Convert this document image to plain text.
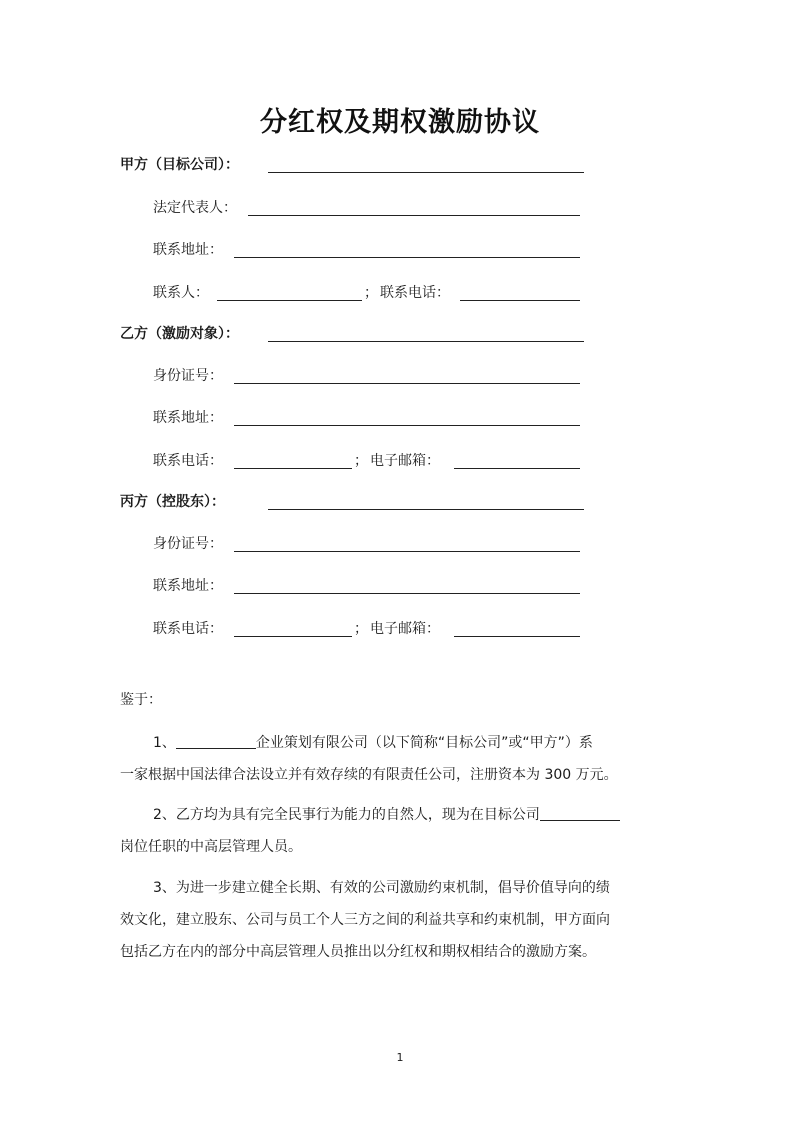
分红权及期权激励协议
甲方（目标公司）：
法定代表人：
联系地址：
联系人：	； 联系电话：
乙方（激励对象）：
身份证号：
联系地址：
联系电话：	； 电子邮箱：
丙方（控股东）：
身份证号：
联系地址：
联系电话：	； 电子邮箱：
鉴于：
1、	企业策划有限公司（以下简称“目标公司”或“甲方”）系
一家根据中国法律合法设立并有效存续的有限责任公司，注册资本为 300 万元。
2、乙方均为具有完全民事行为能力的自然人，现为在目标公司
岗位任职的中高层管理人员。
3、为进一步建立健全长期、有效的公司激励约束机制，倡导价值导向的绩
效文化，建立股东、公司与员工个人三方之间的利益共享和约束机制，甲方面向
包括乙方在内的部分中高层管理人员推出以分红权和期权相结合的激励方案。
1
